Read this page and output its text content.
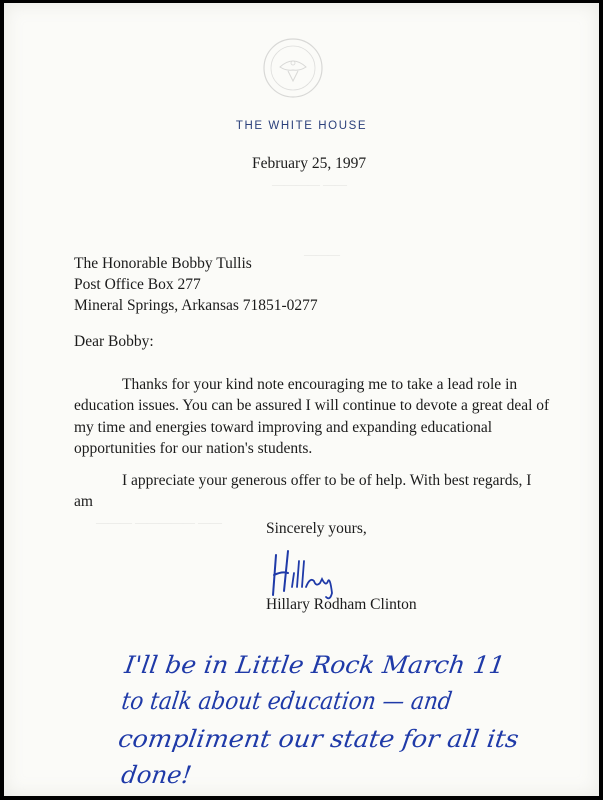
THE WHITE HOUSE
———— ——
———
——— ————— ——
February 25, 1997
The Honorable Bobby Tullis
Post Office Box 277
Mineral Springs, Arkansas 71851-0277
Dear Bobby:
Thanks for your kind note encouraging me to take a lead role in education issues. You can be assured I will continue to devote a great deal of my time and energies toward improving and expanding educational opportunities for our nation's students.
I appreciate your generous offer to be of help. With best regards, I am
Sincerely yours,
Hillary Rodham Clinton
I'll be in Little Rock March 11
to talk about education — and
compliment our state for all its
done!
